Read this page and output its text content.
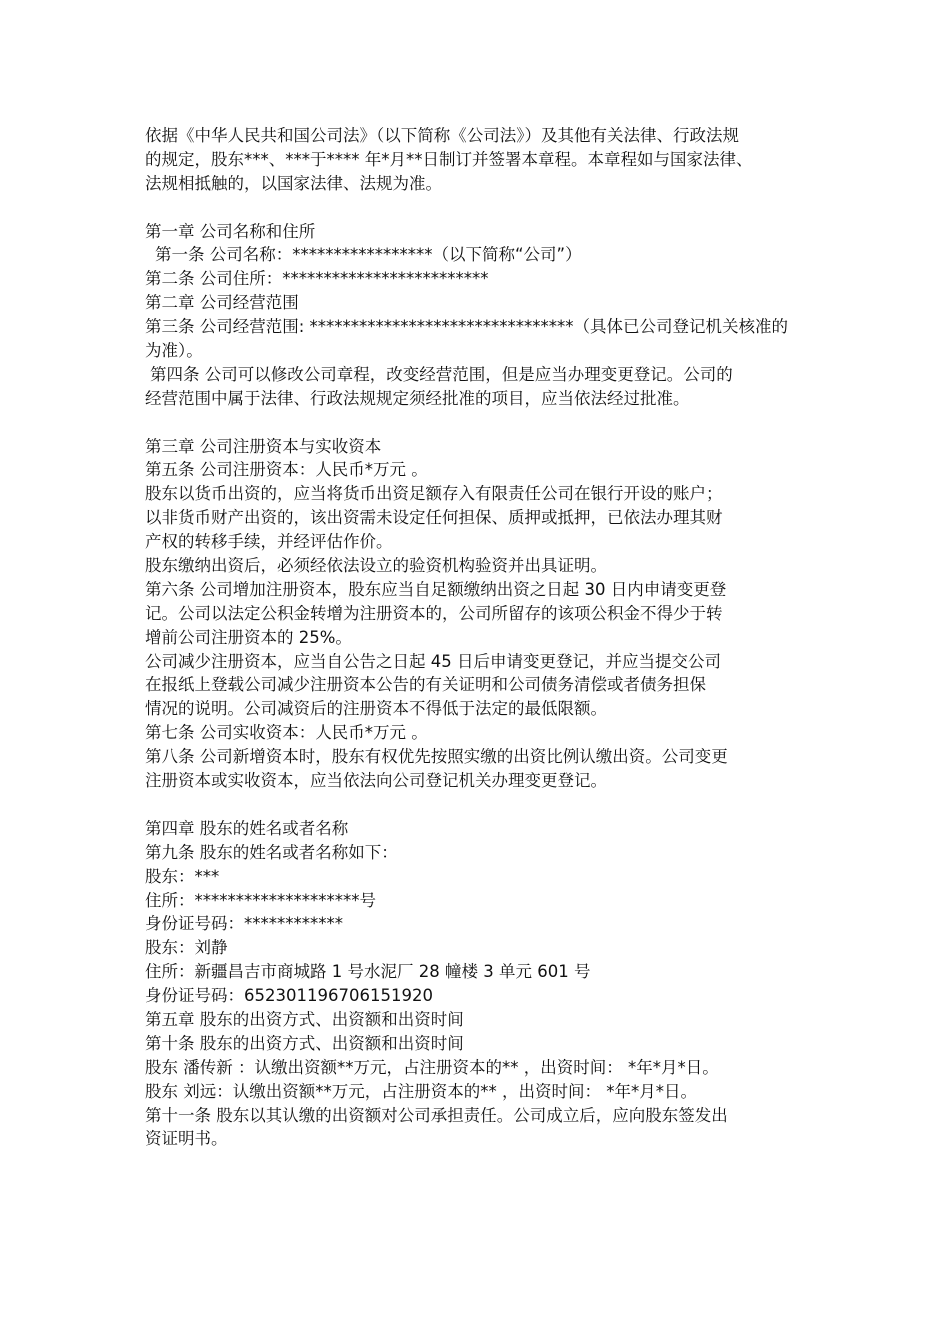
依据《中华人民共和国公司法》（以下简称《公司法》）及其他有关法律、行政法规
的规定，股东***、***于**** 年*月**日制订并签署本章程。本章程如与国家法律、
法规相抵触的，以国家法律、法规为准。
第一章 公司名称和住所
第一条 公司名称：*****************（以下简称“公司”）
第二条 公司住所：*************************
第二章 公司经营范围
第三条 公司经营范围: ********************************（具体已公司登记机关核准的
为准）。
第四条 公司可以修改公司章程，改变经营范围，但是应当办理变更登记。公司的
经营范围中属于法律、行政法规规定须经批准的项目，应当依法经过批准。
第三章 公司注册资本与实收资本
第五条 公司注册资本：人民币*万元 。
股东以货币出资的，应当将货币出资足额存入有限责任公司在银行开设的账户；
以非货币财产出资的，该出资需未设定任何担保、质押或抵押，已依法办理其财
产权的转移手续，并经评估作价。
股东缴纳出资后，必须经依法设立的验资机构验资并出具证明。
第六条 公司增加注册资本，股东应当自足额缴纳出资之日起 30 日内申请变更登
记。公司以法定公积金转增为注册资本的，公司所留存的该项公积金不得少于转
增前公司注册资本的 25%。
公司减少注册资本，应当自公告之日起 45 日后申请变更登记，并应当提交公司
在报纸上登载公司减少注册资本公告的有关证明和公司债务清偿或者债务担保
情况的说明。公司减资后的注册资本不得低于法定的最低限额。
第七条 公司实收资本：人民币*万元 。
第八条 公司新增资本时，股东有权优先按照实缴的出资比例认缴出资。公司变更
注册资本或实收资本，应当依法向公司登记机关办理变更登记。
第四章 股东的姓名或者名称
第九条 股东的姓名或者名称如下：
股东：***
住所：********************号
身份证号码：************
股东：刘静
住所：新疆昌吉市商城路 1 号水泥厂 28 幢楼 3 单元 601 号
身份证号码：652301196706151920
第五章 股东的出资方式、出资额和出资时间
第十条 股东的出资方式、出资额和出资时间
股东 潘传新 ：认缴出资额**万元，占注册资本的** ，出资时间： *年*月*日。
股东 刘远：认缴出资额**万元，占注册资本的** ，出资时间： *年*月*日。
第十一条 股东以其认缴的出资额对公司承担责任。公司成立后，应向股东签发出
资证明书。
